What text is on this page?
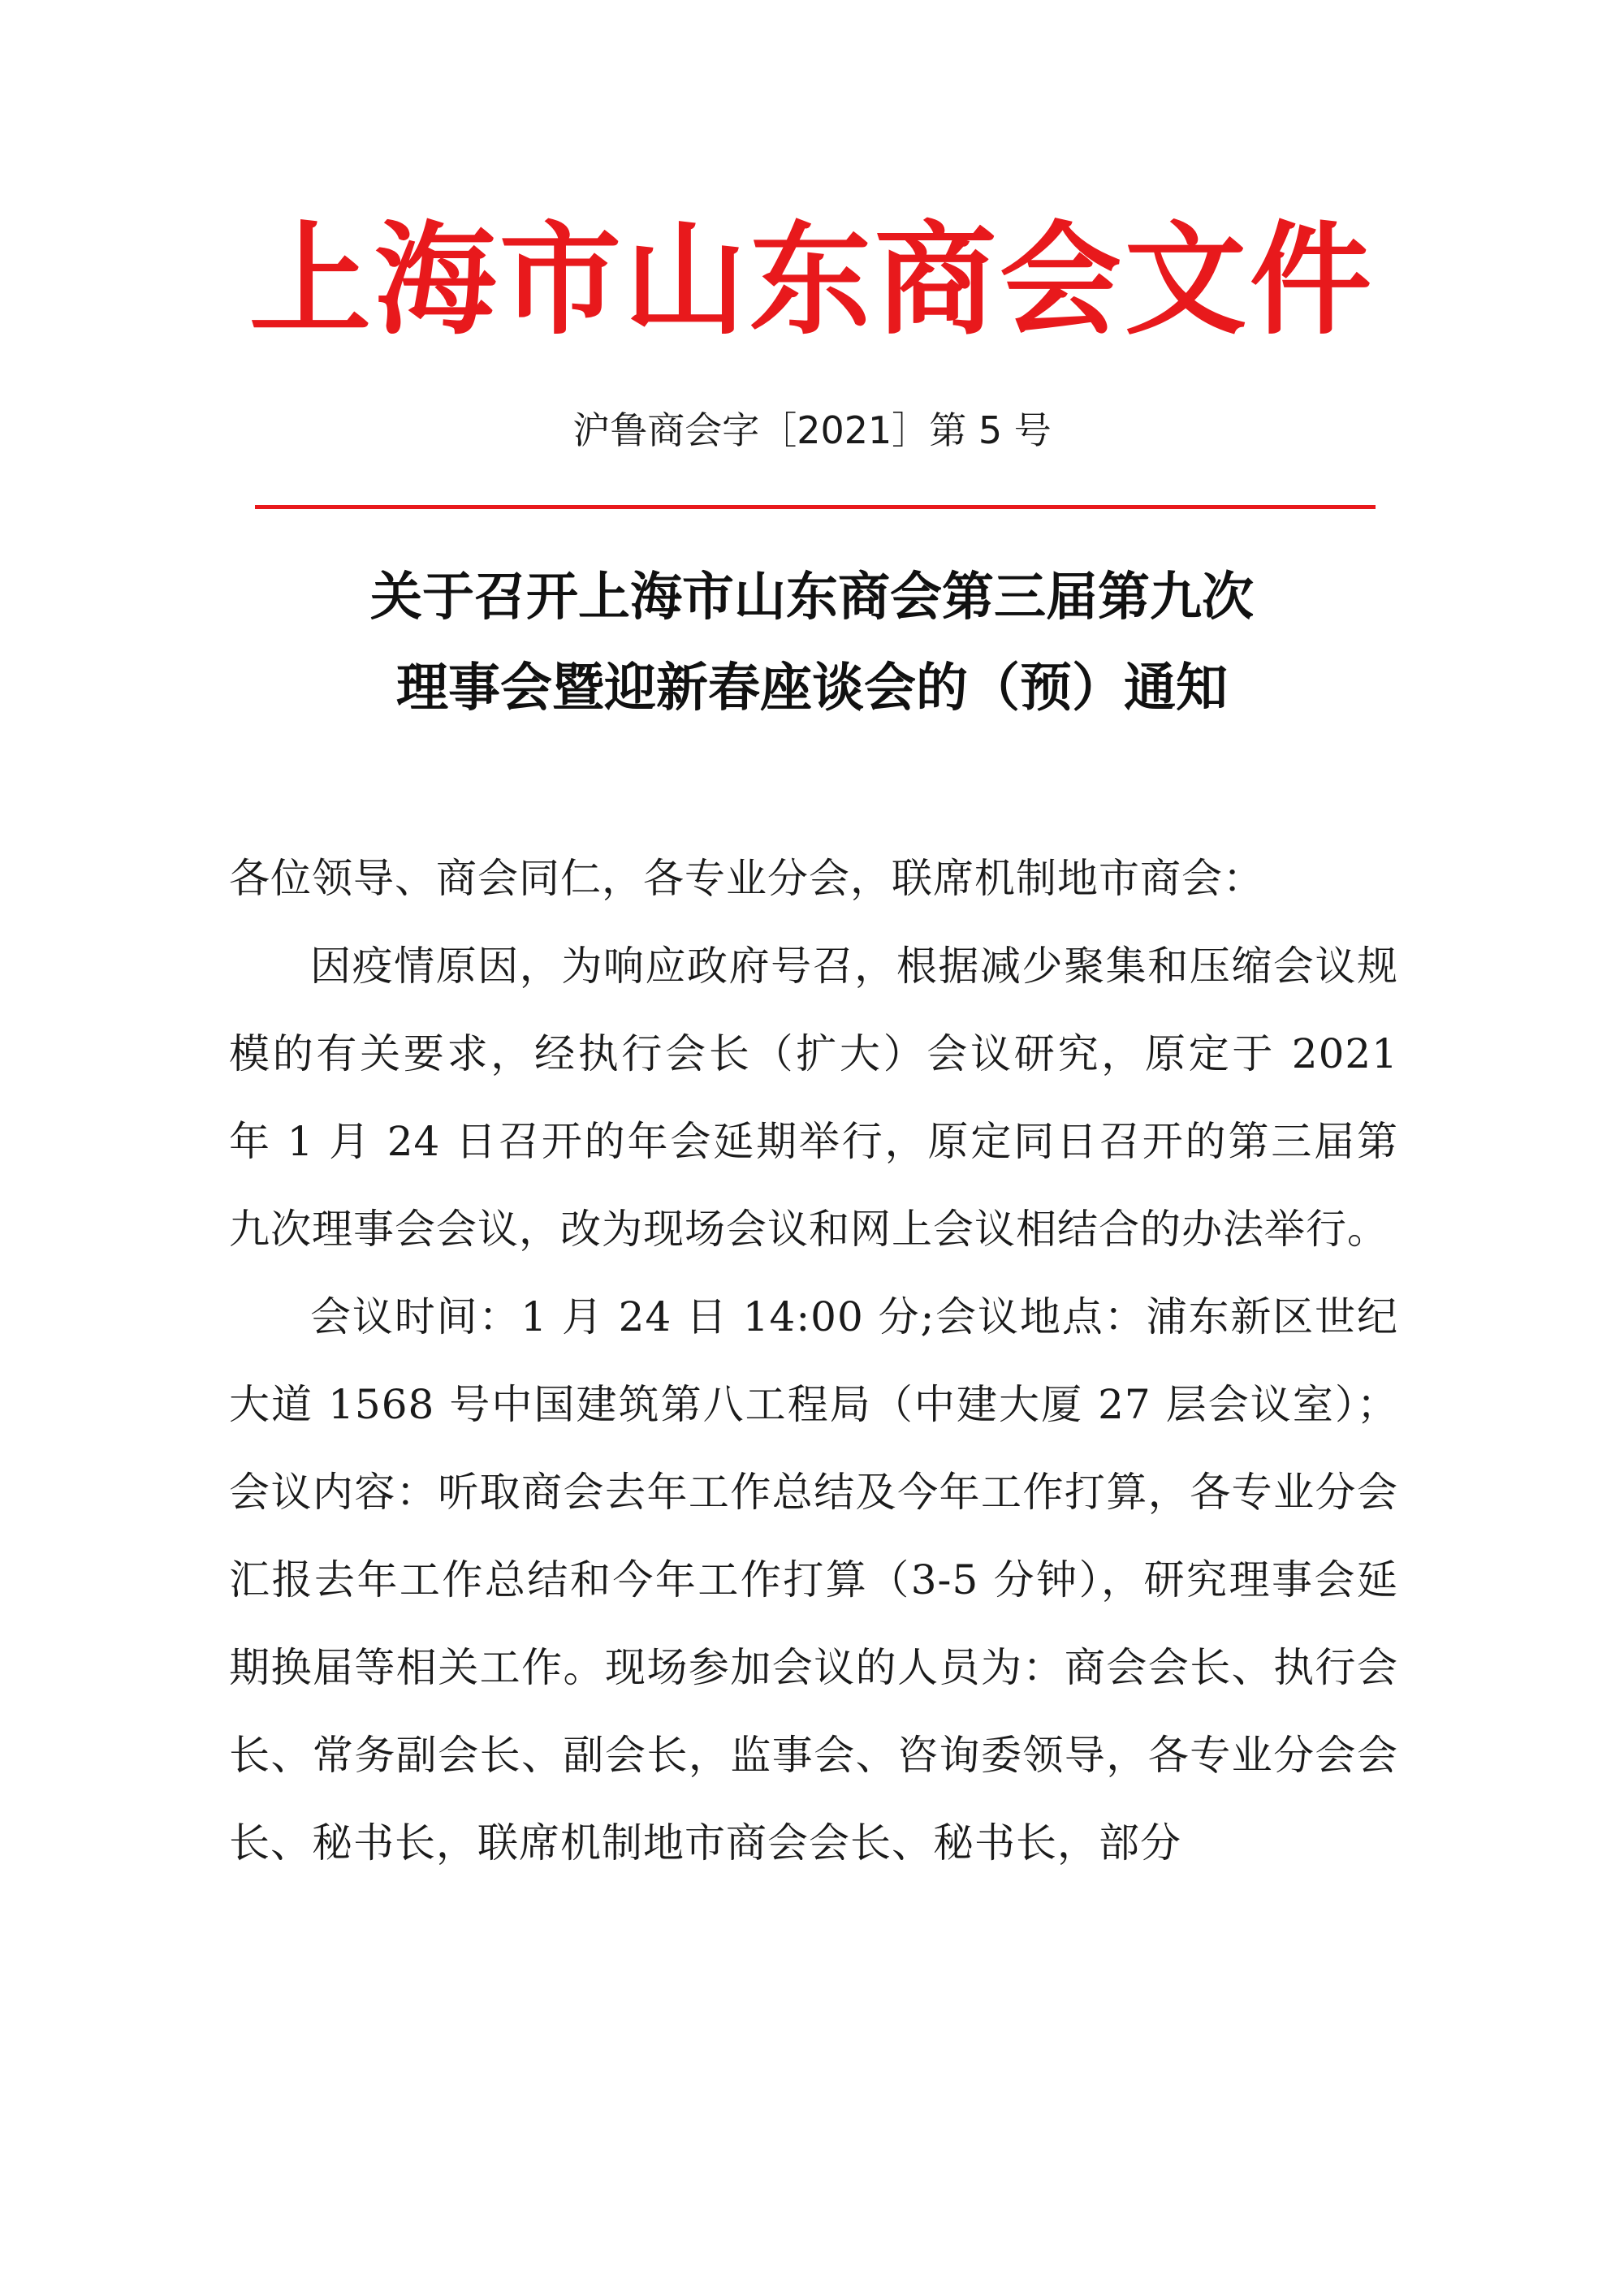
上海市山东商会文件
沪鲁商会字［2021］第 5 号
关于召开上海市山东商会第三届第九次
理事会暨迎新春座谈会的（预）通知

各位领导、商会同仁，各专业分会，联席机制地市商会：

因疫情原因，为响应政府号召，根据减少聚集和压缩会议规模的有关要求，经执行会长（扩大）会议研究，原定于 2021 年 1 月 24 日召开的年会延期举行，原定同日召开的第三届第九次理事会会议，改为现场会议和网上会议相结合的办法举行。

会议时间：1 月 24 日 14:00 分;会议地点：浦东新区世纪大道 1568 号中国建筑第八工程局（中建大厦 27 层会议室）；会议内容：听取商会去年工作总结及今年工作打算，各专业分会汇报去年工作总结和今年工作打算（3-5 分钟），研究理事会延期换届等相关工作。现场参加会议的人员为：商会会长、执行会长、常务副会长、副会长，监事会、咨询委领导，各专业分会会长、秘书长，联席机制地市商会会长、秘书长，部分
